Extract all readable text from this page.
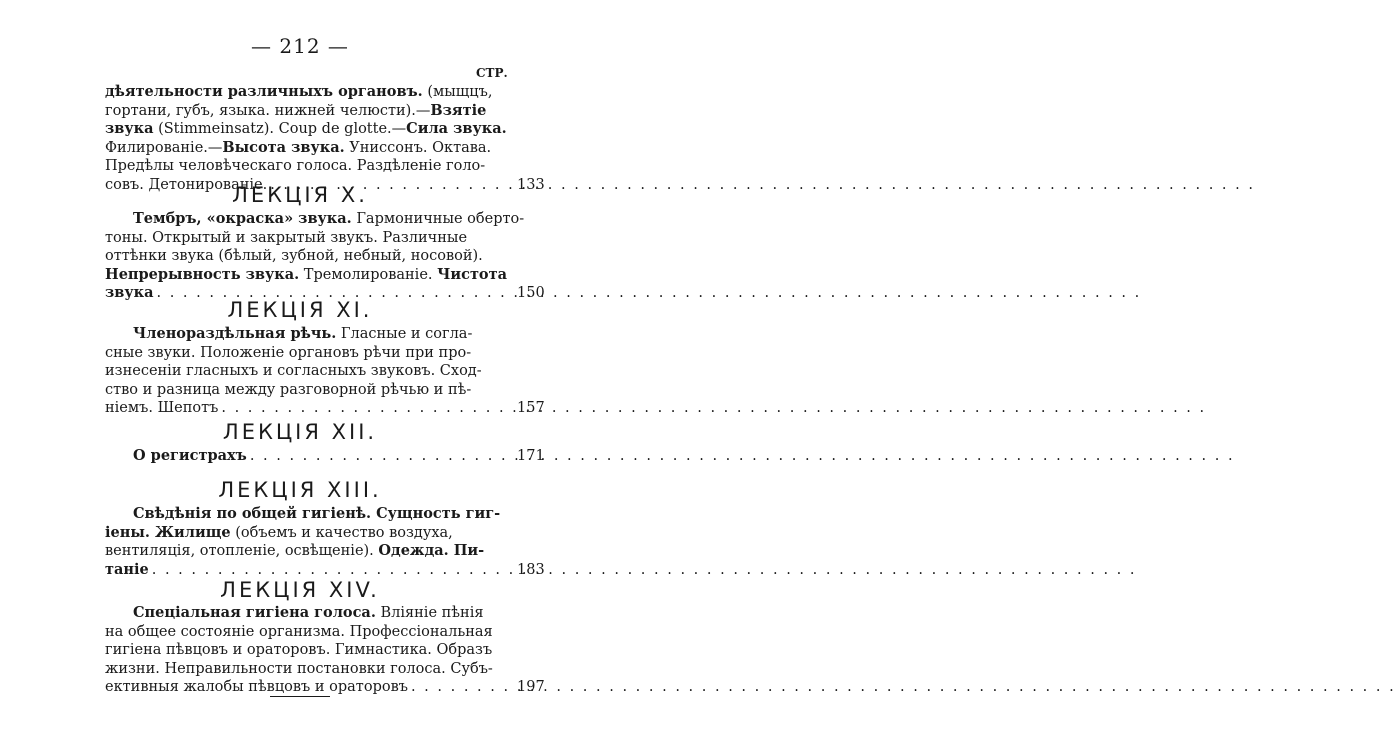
— 212 —
СТР.
дѣятельности различныхъ органовъ. (мыщцъ,
гортани, губъ, языка. нижней челюсти).—Взятіе
звука (Stimmeinsatz). Coup de glotte.—Сила звука.
Филированіе.—Высота звука. Униссонъ. Октава.
Предѣлы человѣческаго голоса. Раздѣленіе голо-
совъ. Детонированіе. . . .	133
ЛЕКЦІЯ X.
Тембръ, «окраска» звука. Гармоничные оберто-
тоны. Открытый и закрытый звукъ. Различные
оттѣнки звука (бѣлый, зубной, небный, носовой).
Непрерывность звука. Тремолированіе. Чистота
звука . . .	150
ЛЕКЦІЯ XI.
Членораздѣльная рѣчь. Гласные и согла-
сные звуки. Положеніе органовъ рѣчи при про-
изнесеніи гласныхъ и согласныхъ звуковъ. Сход-
ство и разница между разговорной рѣчью и пѣ-
ніемъ. Шепотъ . . .	157
ЛЕКЦІЯ XII.
О регистрахъ . . .	171
ЛЕКЦІЯ XIII.
Свѣдѣнія по общей гигіенѣ. Сущность гиг-
іены. Жилище (объемъ и качество воздуха,
вентиляція, отопленіе, освѣщеніе). Одежда. Пи-
таніе . . .	183
ЛЕКЦІЯ XIV.
Спеціальная гигіена голоса. Вліяніе пѣнія
на общее состояніе организма. Профессіональная
гигіена пѣвцовъ и ораторовъ. Гимнастика. Образъ
жизни. Неправильности постановки голоса. Субъ-
ективныя жалобы пѣвцовъ и ораторовъ . . .	197
